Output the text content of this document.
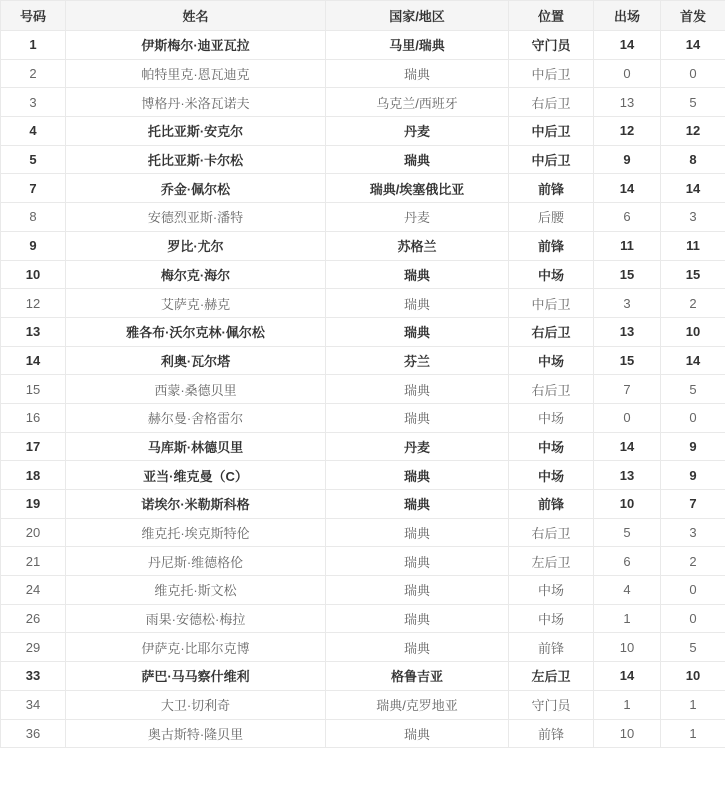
号码	姓名	国家/地区	位置	出场	首发
1	伊斯梅尔·迪亚瓦拉	马里/瑞典	守门员	14	14
2	帕特里克·恩瓦迪克	瑞典	中后卫	0	0
3	博格丹·米洛瓦诺夫	乌克兰/西班牙	右后卫	13	5
4	托比亚斯·安克尔	丹麦	中后卫	12	12
5	托比亚斯·卡尔松	瑞典	中后卫	9	8
7	乔金·佩尔松	瑞典/埃塞俄比亚	前锋	14	14
8	安德烈亚斯·潘特	丹麦	后腰	6	3
9	罗比·尤尔	苏格兰	前锋	11	11
10	梅尔克·海尔	瑞典	中场	15	15
12	艾萨克·赫克	瑞典	中后卫	3	2
13	雅各布·沃尔克林·佩尔松	瑞典	右后卫	13	10
14	利奥·瓦尔塔	芬兰	中场	15	14
15	西蒙·桑德贝里	瑞典	右后卫	7	5
16	赫尔曼·舍格雷尔	瑞典	中场	0	0
17	马库斯·林德贝里	丹麦	中场	14	9
18	亚当·维克曼（C）	瑞典	中场	13	9
19	诺埃尔·米勒斯科格	瑞典	前锋	10	7
20	维克托·埃克斯特伦	瑞典	右后卫	5	3
21	丹尼斯·维德格伦	瑞典	左后卫	6	2
24	维克托·斯文松	瑞典	中场	4	0
26	雨果·安德松·梅拉	瑞典	中场	1	0
29	伊萨克·比耶尔克博	瑞典	前锋	10	5
33	萨巴·马马察什维利	格鲁吉亚	左后卫	14	10
34	大卫·切利奇	瑞典/克罗地亚	守门员	1	1
36	奥古斯特·隆贝里	瑞典	前锋	10	1
